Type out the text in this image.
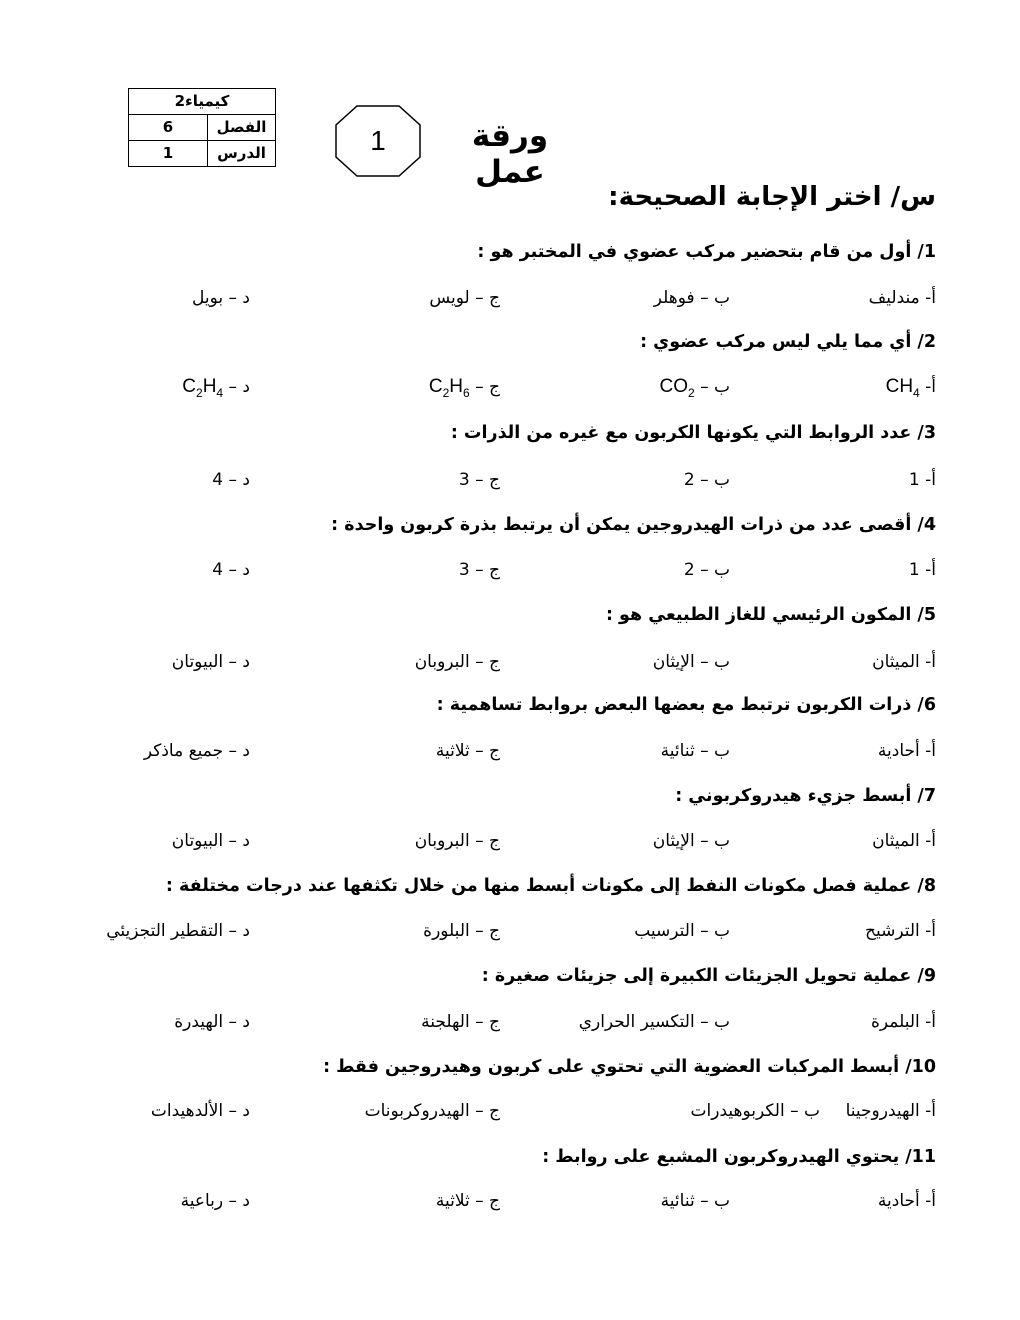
2كيمياء	
6	الفصل
1	الدرس	1	ورقة عمل
س/ اختر الإجابة الصحيحة:
1/ أول من قام بتحضير مركب عضوي في المختبر هو :
أ‌- مندليف
ب – فوهلر
ج – لويس
د – بويل
2/ أي مما يلي ليس مركب عضوي :
أ‌- $CH_4$
ب – $CO_2$
ج – $C_2H_6$
د – $C_2H_4$
3/ عدد الروابط التي يكونها الكربون مع غيره من الذرات :
أ‌- 1
ب – 2
ج – 3
د – 4
4/ أقصى عدد من ذرات الهيدروجين يمكن أن يرتبط بذرة كربون واحدة :
أ‌- 1
ب – 2
ج – 3
د – 4
5/ المكون الرئيسي للغاز الطبيعي هو :
أ‌- الميثان
ب – الإيثان
ج – البروبان
د – البيوتان
6/ ذرات الكربون ترتبط مع بعضها البعض بروابط تساهمية :
أ‌- أحادية
ب – ثنائية
ج – ثلاثية
د – جميع ماذكر
7/ أبسط جزيء هيدروكربوني :
أ‌- الميثان
ب – الإيثان
ج – البروبان
د – البيوتان
8/ عملية فصل مكونات النفط إلى مكونات أبسط منها من خلال تكثفها عند درجات مختلفة :
أ‌- الترشيح
ب – الترسيب
ج – البلورة
د – التقطير التجزيئي
9/ عملية تحويل الجزيئات الكبيرة إلى جزيئات صغيرة :
أ‌- البلمرة
ب – التكسير الحراري
ج – الهلجنة
د – الهيدرة
10/ أبسط المركبات العضوية التي تحتوي على كربون وهيدروجين فقط :
أ‌- الهيدروجينا
ب – الكربوهيدرات
ج – الهيدروكربونات
د – الألدهيدات
11/ يحتوي الهيدروكربون المشبع على روابط :
أ‌- أحادية
ب – ثنائية
ج – ثلاثية
د – رباعية
